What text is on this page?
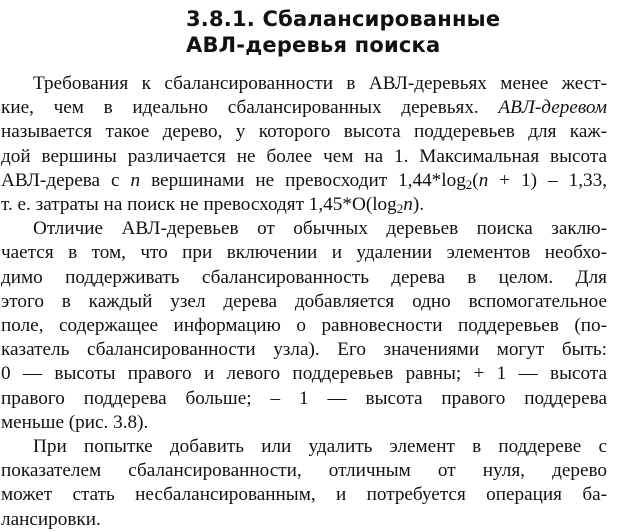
3.8.1. Сбалансированные
АВЛ-деревья поиска
Требования к сбалансированности в АВЛ-деревьях менее жест-
кие, чем в идеально сбалансированных деревьях. АВЛ-деревом
называется такое дерево, у которого высота поддеревьев для каж-
дой вершины различается не более чем на 1. Максимальная высота
АВЛ-дерева с n вершинами не превосходит $1,44*\log_2(n + 1) - 1,33$,
т. е. затраты на поиск не превосходят $1,45*O(\log_2n)$.
Отличие АВЛ-деревьев от обычных деревьев поиска заклю-
чается в том, что при включении и удалении элементов необхо-
димо поддерживать сбалансированность дерева в целом. Для
этого в каждый узел дерева добавляется одно вспомогательное
поле, содержащее информацию о равновесности поддеревьев (по-
казатель сбалансированности узла). Его значениями могут быть:
0 — высоты правого и левого поддеревьев равны; + 1 — высота
правого поддерева больше; – 1 — высота правого поддерева
меньше (рис. 3.8).
При попытке добавить или удалить элемент в поддереве с
показателем сбалансированности, отличным от нуля, дерево
может стать несбалансированным, и потребуется операция ба-
лансировки.
